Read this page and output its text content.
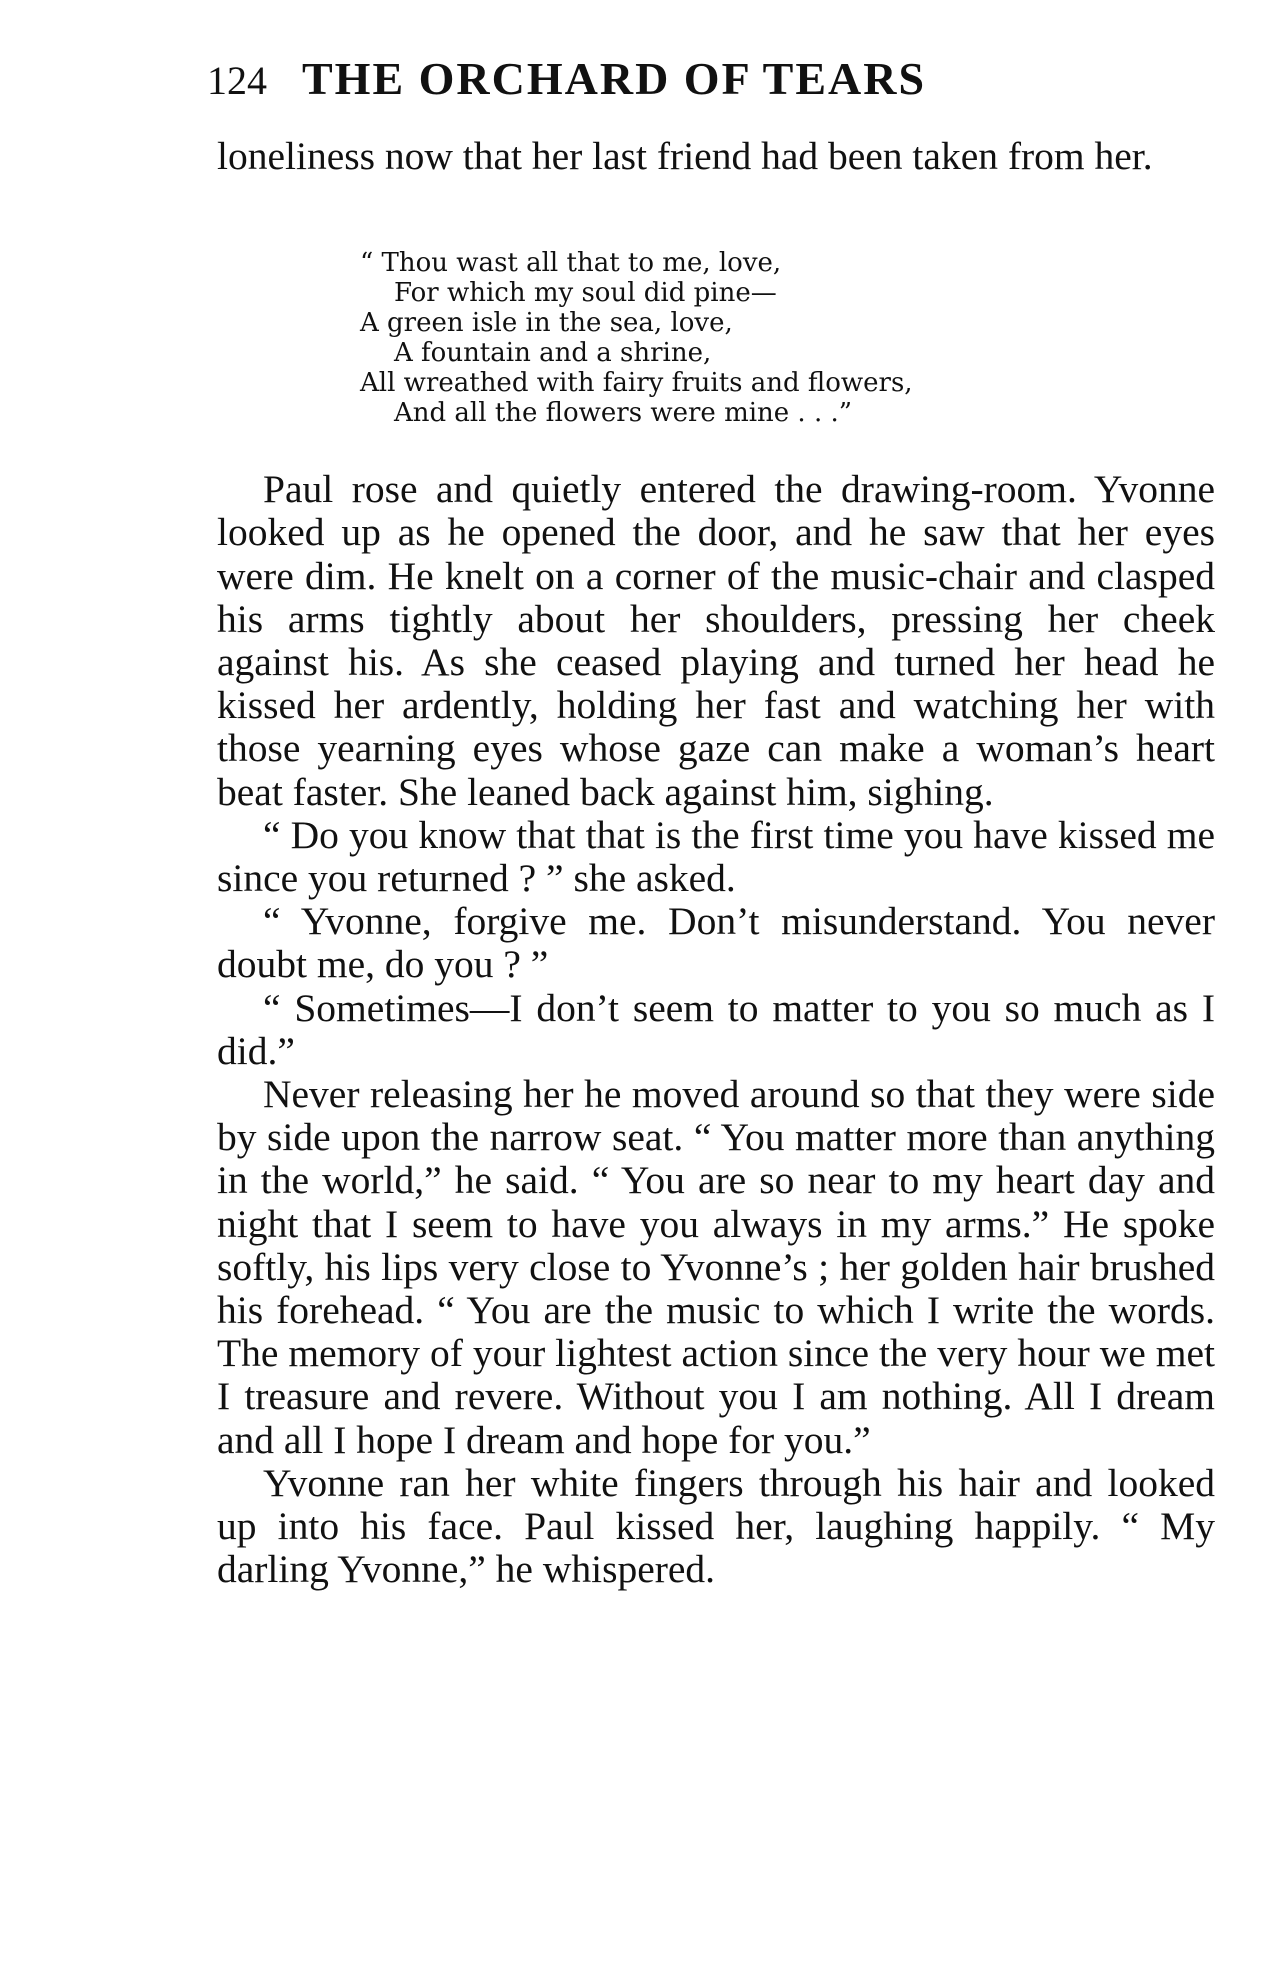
124 THE ORCHARD OF TEARS

loneliness now that her last friend had been taken from her.

“ Thou wast all that to me, love,
For which my soul did pine—
A green isle in the sea, love,
A fountain and a shrine,
All wreathed with fairy fruits and flowers,
And all the flowers were mine . . .”

Paul rose and quietly entered the drawing-room. Yvonne looked up as he opened the door, and he saw that her eyes were dim. He knelt on a corner of the music-chair and clasped his arms tightly about her shoulders, pressing her cheek against his. As she ceased playing and turned her head he kissed her ardently, holding her fast and watching her with those yearning eyes whose gaze can make a woman’s heart beat faster. She leaned back against him, sighing.

“ Do you know that that is the first time you have kissed me since you returned ? ” she asked.

“ Yvonne, forgive me. Don’t misunderstand. You never doubt me, do you ? ”

“ Sometimes—I don’t seem to matter to you so much as I did.”

Never releasing her he moved around so that they were side by side upon the narrow seat. “ You matter more than anything in the world,” he said. “ You are so near to my heart day and night that I seem to have you always in my arms.” He spoke softly, his lips very close to Yvonne’s ; her golden hair brushed his forehead. “ You are the music to which I write the words. The memory of your lightest action since the very hour we met I treasure and revere. Without you I am nothing. All I dream and all I hope I dream and hope for you.”

Yvonne ran her white fingers through his hair and looked up into his face. Paul kissed her, laughing happily. “ My darling Yvonne,” he whispered.
